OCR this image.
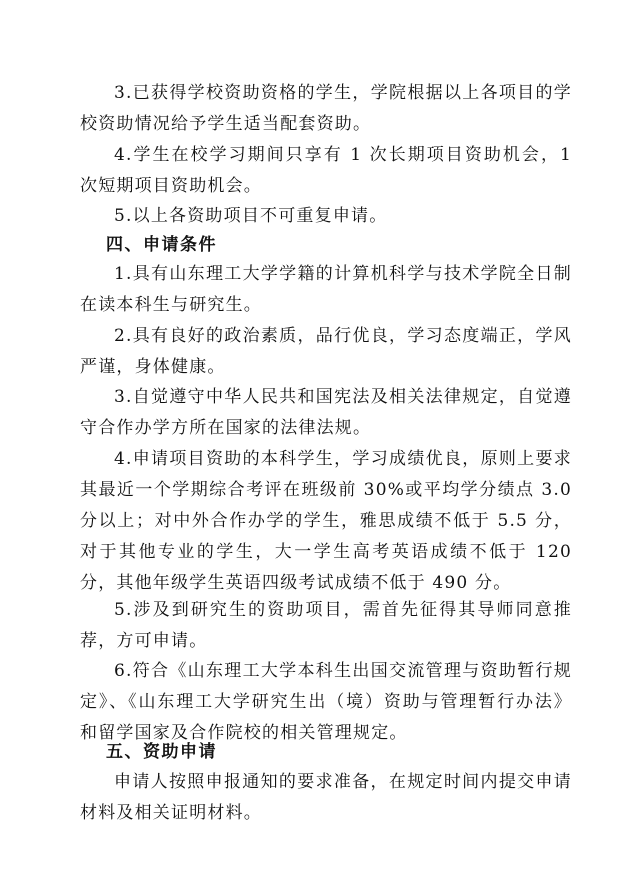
3.已获得学校资助资格的学生，学院根据以上各项目的学校资助情况给予学生适当配套资助。

4.学生在校学习期间只享有 1 次长期项目资助机会，1 次短期项目资助机会。

5.以上各资助项目不可重复申请。

四、申请条件

1.具有山东理工大学学籍的计算机科学与技术学院全日制在读本科生与研究生。

2.具有良好的政治素质，品行优良，学习态度端正，学风严谨，身体健康。

3.自觉遵守中华人民共和国宪法及相关法律规定，自觉遵守合作办学方所在国家的法律法规。

4.申请项目资助的本科学生，学习成绩优良，原则上要求其最近一个学期综合考评在班级前 30%或平均学分绩点 3.0 分以上；对中外合作办学的学生，雅思成绩不低于 5.5 分，对于其他专业的学生，大一学生高考英语成绩不低于 120 分，其他年级学生英语四级考试成绩不低于 490 分。

5.涉及到研究生的资助项目，需首先征得其导师同意推荐，方可申请。

6.符合《山东理工大学本科生出国交流管理与资助暂行规定》、《山东理工大学研究生出（境）资助与管理暂行办法》和留学国家及合作院校的相关管理规定。

五、资助申请

申请人按照申报通知的要求准备，在规定时间内提交申请材料及相关证明材料。
